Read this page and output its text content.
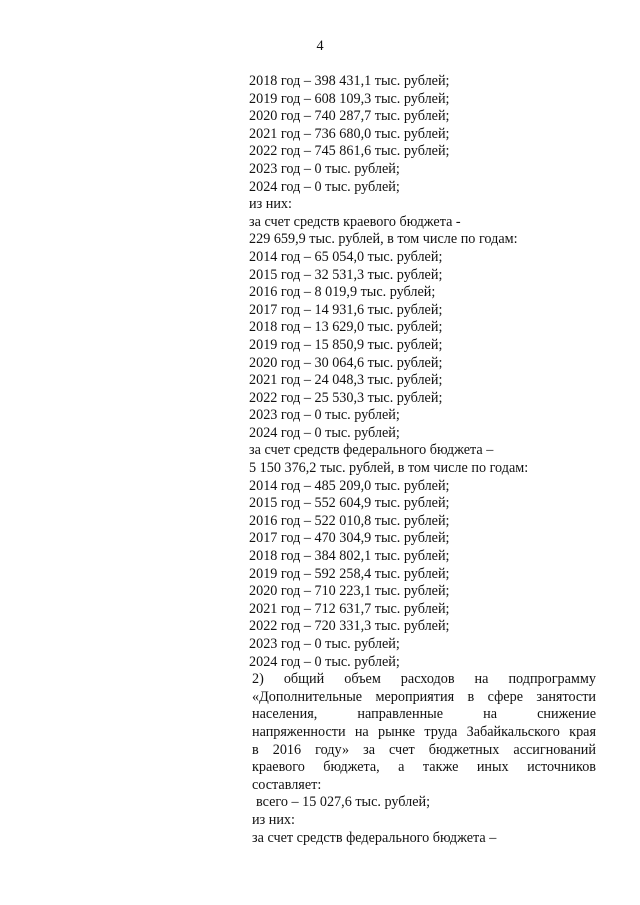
4
2018 год – 398 431,1 тыс. рублей;
2019 год – 608 109,3 тыс. рублей;
2020 год – 740 287,7 тыс. рублей;
2021 год – 736 680,0 тыс. рублей;
2022 год – 745 861,6 тыс. рублей;
2023 год – 0 тыс. рублей;
2024 год – 0 тыс. рублей;
из них:
за счет средств краевого бюджета -
229 659,9 тыс. рублей, в том числе по годам:
2014 год – 65 054,0 тыс. рублей;
2015 год – 32 531,3 тыс. рублей;
2016 год – 8 019,9 тыс. рублей;
2017 год – 14 931,6 тыс. рублей;
2018 год – 13 629,0 тыс. рублей;
2019 год – 15 850,9 тыс. рублей;
2020 год – 30 064,6 тыс. рублей;
2021 год – 24 048,3 тыс. рублей;
2022 год – 25 530,3 тыс. рублей;
2023 год – 0 тыс. рублей;
2024 год – 0 тыс. рублей;
за счет средств федерального бюджета –
5 150 376,2 тыс. рублей, в том числе по годам:
2014 год – 485 209,0 тыс. рублей;
2015 год – 552 604,9 тыс. рублей;
2016 год – 522 010,8 тыс. рублей;
2017 год – 470 304,9 тыс. рублей;
2018 год – 384 802,1 тыс. рублей;
2019 год – 592 258,4 тыс. рублей;
2020 год – 710 223,1 тыс. рублей;
2021 год – 712 631,7 тыс. рублей;
2022 год – 720 331,3 тыс. рублей;
2023 год – 0 тыс. рублей;
2024 год – 0 тыс. рублей;
2) общий объем расходов на подпрограмму
«Дополнительные мероприятия в сфере занятости
населения, направленные на снижение
напряженности на рынке труда Забайкальского края
в 2016 году» за счет бюджетных ассигнований
краевого бюджета, а также иных источников
составляет:
всего – 15 027,6 тыс. рублей;
из них:
за счет средств федерального бюджета –
